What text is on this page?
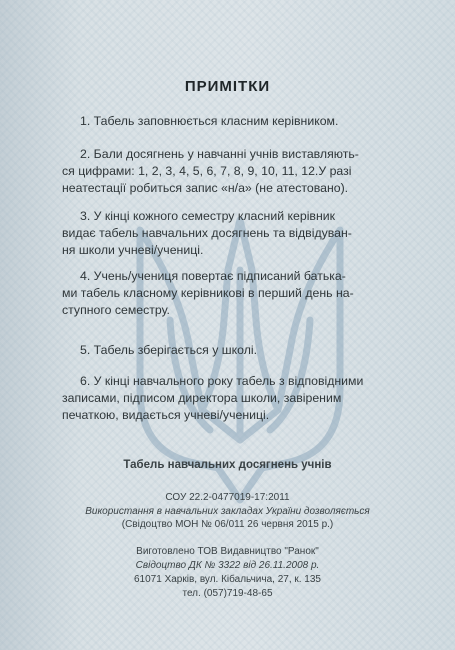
ПРИМІТКИ
1. Табель заповнюється класним керівником.
2. Бали досягнень у навчанні учнів виставляють-
ся цифрами: 1, 2, 3, 4, 5, 6, 7, 8, 9, 10, 11, 12.У разі
неатестації робиться запис «н/а» (не атестовано).
3. У кінці кожного семестру класний керівник
видає табель навчальних досягнень та відвідуван-
ня школи учневі/учениці.
4. Учень/учениця повертає підписаний батька-
ми табель класному керівникові в перший день на-
ступного семестру.
5. Табель зберігається у школі.
6. У кінці навчального року табель з відповідними
записами, підписом директора школи, завіреним
печаткою, видається учневі/учениці.
Табель навчальних досягнень учнів
СОУ 22.2-0477019-17:2011
Використання в навчальних закладах України дозволяється
(Свідоцтво МОН № 06/011 26 червня 2015 р.)
Виготовлено ТОВ Видавництво "Ранок"
Свідоцтво ДК № 3322 від 26.11.2008 р.
61071 Харків, вул. Кібальчича, 27, к. 135
тел. (057)719-48-65
